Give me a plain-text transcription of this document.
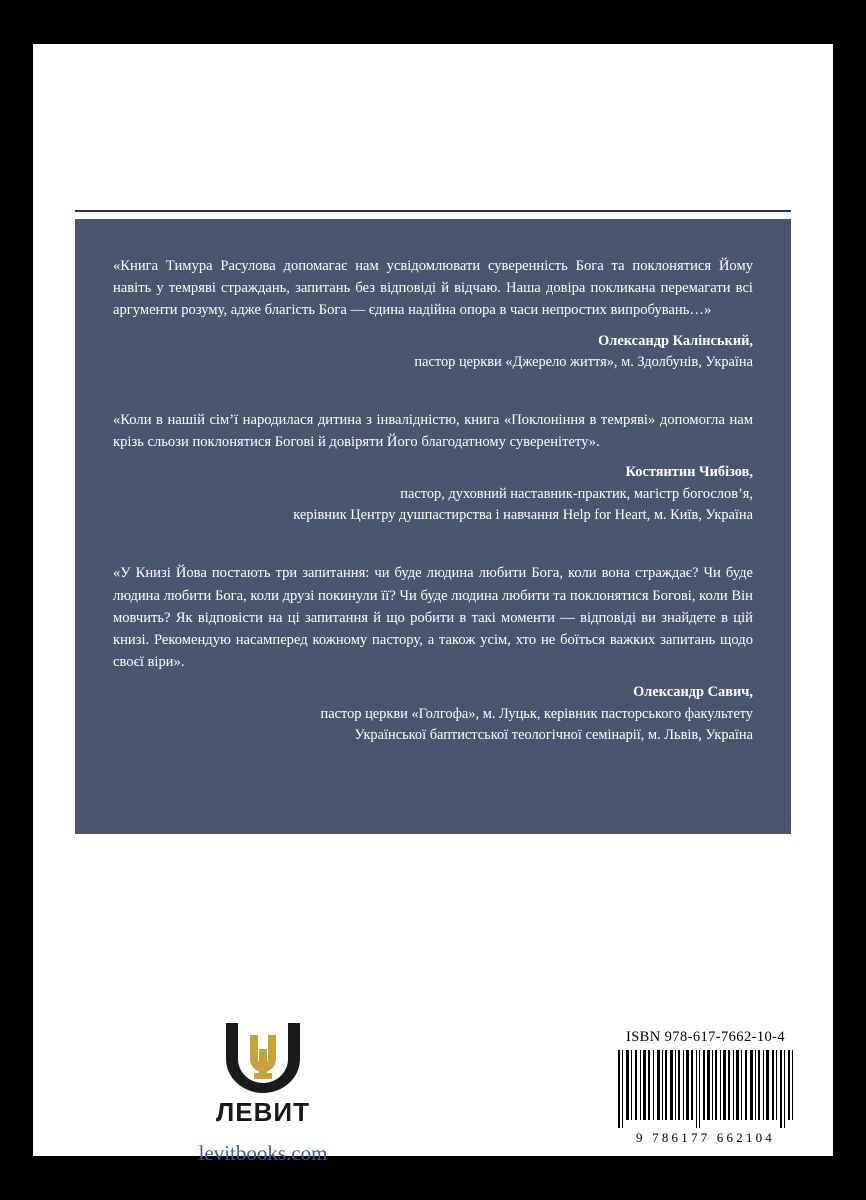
«Книга Тимура Расулова допомагає нам усвідомлювати суверенність Бога та поклонятися Йому навіть у темряві страждань, запитань без відповіді й відчаю. Наша довіра покликана перемагати всі аргументи розуму, адже благість Бога — єдина надійна опора в часи непростих випробувань…»

Олександр Калінський,
пастор церкви «Джерело життя», м. Здолбунів, Україна

«Коли в нашій сім’ї народилася дитина з інвалідністю, книга «Поклоніння в темряві» допомогла нам крізь сльози поклонятися Богові й довіряти Його благодатному суверенітету».

Костянтин Чибізов,
пастор, духовний наставник-практик, магістр богослов’я,
керівник Центру душпастирства і навчання Help for Heart, м. Київ, Україна

«У Книзі Йова постають три запитання: чи буде людина любити Бога, коли вона страждає? Чи буде людина любити Бога, коли друзі покинули її? Чи буде людина любити та поклонятися Богові, коли Він мовчить? Як відповісти на ці запитання й що робити в такі моменти — відповіді ви знайдете в цій книзі. Рекомендую насамперед кожному пастору, а також усім, хто не боїться важких запитань щодо своєї віри».

Олександр Савич,
пастор церкви «Голгофа», м. Луцьк, керівник пасторського факультету
Української баптистської теологічної семінарії, м. Львів, Україна

ЛЕВИТ
levitbooks.com
ISBN 978-617-7662-10-4
9 786177 662104
